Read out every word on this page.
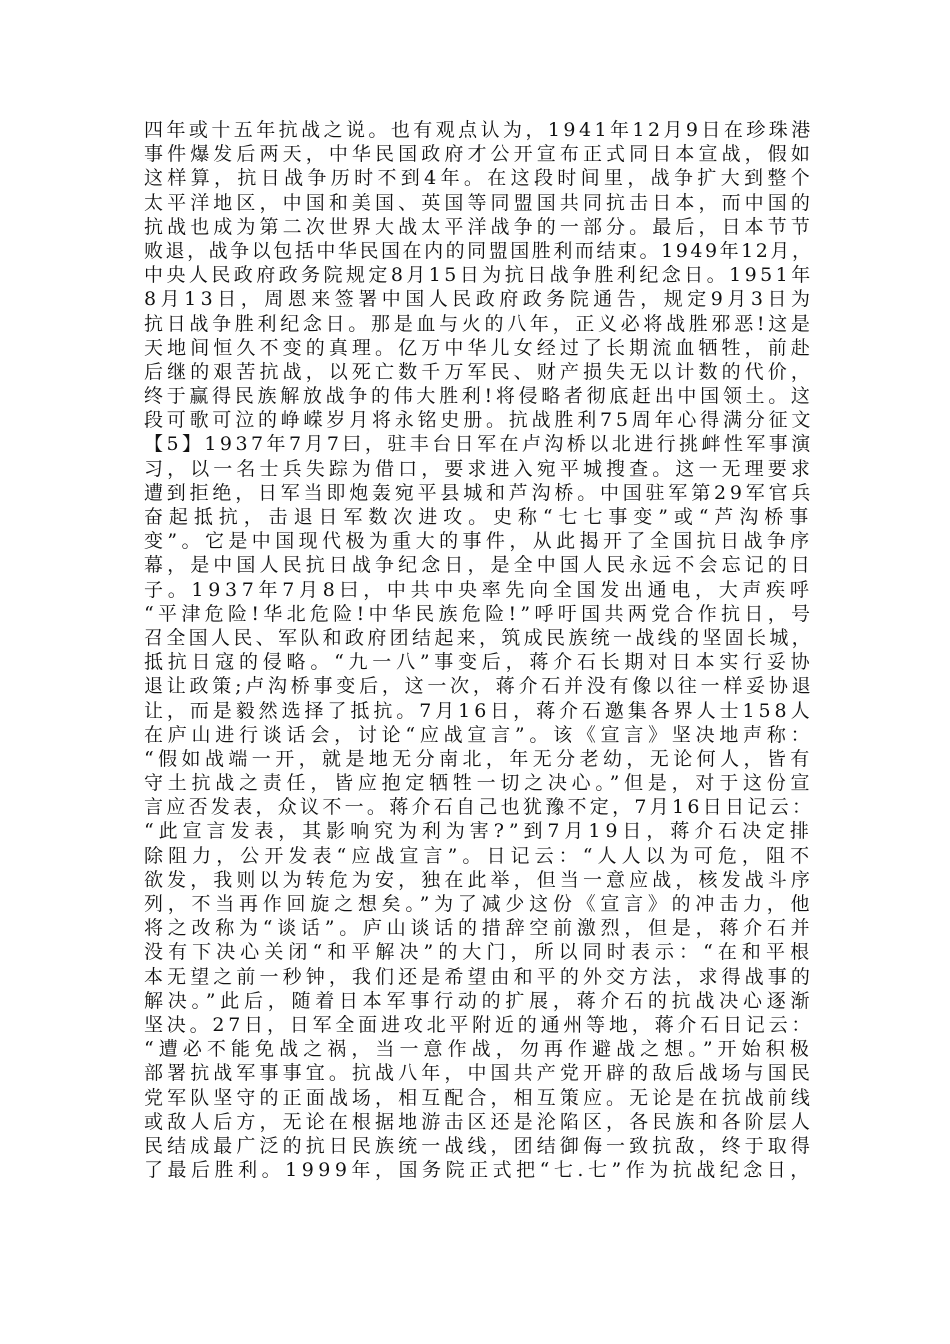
四年或十五年抗战之说。也有观点认为，1941年12月9日在珍珠港
事件爆发后两天，中华民国政府才公开宣布正式同日本宣战，假如
这样算，抗日战争历时不到4年。在这段时间里，战争扩大到整个
太平洋地区，中国和美国、英国等同盟国共同抗击日本，而中国的
抗战也成为第二次世界大战太平洋战争的一部分。最后，日本节节
败退，战争以包括中华民国在内的同盟国胜利而结束。1949年12月，
中央人民政府政务院规定8月15日为抗日战争胜利纪念日。1951年
8月13日，周恩来签署中国人民政府政务院通告，规定9月3日为
抗日战争胜利纪念日。那是血与火的八年，正义必将战胜邪恶!这是
天地间恒久不变的真理。亿万中华儿女经过了长期流血牺牲，前赴
后继的艰苦抗战，以死亡数千万军民、财产损失无以计数的代价，
终于赢得民族解放战争的伟大胜利!将侵略者彻底赶出中国领土。这
段可歌可泣的峥嵘岁月将永铭史册。抗战胜利75周年心得满分征文
【5】1937年7月7曰，驻丰台日军在卢沟桥以北进行挑衅性军事演
习，以一名士兵失踪为借口，要求进入宛平城搜查。这一无理要求
遭到拒绝，日军当即炮轰宛平县城和芦沟桥。中国驻军第29军官兵
奋起抵抗，击退日军数次进攻。史称“七七事变”或“芦沟桥事
变”。它是中国现代极为重大的事件，从此揭开了全国抗日战争序
幕，是中国人民抗日战争纪念日，是全中国人民永远不会忘记的日
子。1937年7月8曰，中共中央率先向全国发出通电，大声疾呼
“平津危险!华北危险!中华民族危险!”呼吁国共两党合作抗日，号
召全国人民、军队和政府团结起来，筑成民族统一战线的坚固长城，
抵抗日寇的侵略。“九一八”事变后，蒋介石长期对日本实行妥协
退让政策;卢沟桥事变后，这一次，蒋介石并没有像以往一样妥协退
让，而是毅然选择了抵抗。7月16日，蒋介石邀集各界人士158人
在庐山进行谈话会，讨论“应战宣言”。该《宣言》坚决地声称：
“假如战端一开，就是地无分南北，年无分老幼，无论何人，皆有
守土抗战之责任，皆应抱定牺牲一切之决心。”但是，对于这份宣
言应否发表，众议不一。蒋介石自己也犹豫不定，7月16日日记云：
“此宣言发表，其影响究为利为害?”到7月19日，蒋介石决定排
除阻力，公开发表“应战宣言”。日记云：“人人以为可危，阻不
欲发，我则以为转危为安，独在此举，但当一意应战，核发战斗序
列，不当再作回旋之想矣。”为了减少这份《宣言》的冲击力，他
将之改称为“谈话”。庐山谈话的措辞空前激烈，但是，蒋介石并
没有下决心关闭“和平解决”的大门，所以同时表示：“在和平根
本无望之前一秒钟，我们还是希望由和平的外交方法，求得战事的
解决。”此后，随着日本军事行动的扩展，蒋介石的抗战决心逐渐
坚决。27日，日军全面进攻北平附近的通州等地，蒋介石日记云：
“遭必不能免战之祸，当一意作战，勿再作避战之想。”开始积极
部署抗战军事事宜。抗战八年，中国共产党开辟的敌后战场与国民
党军队坚守的正面战场，相互配合，相互策应。无论是在抗战前线
或敌人后方，无论在根据地游击区还是沦陷区，各民族和各阶层人
民结成最广泛的抗日民族统一战线，团结御侮一致抗敌，终于取得
了最后胜利。1999年，国务院正式把“七.七”作为抗战纪念日，
